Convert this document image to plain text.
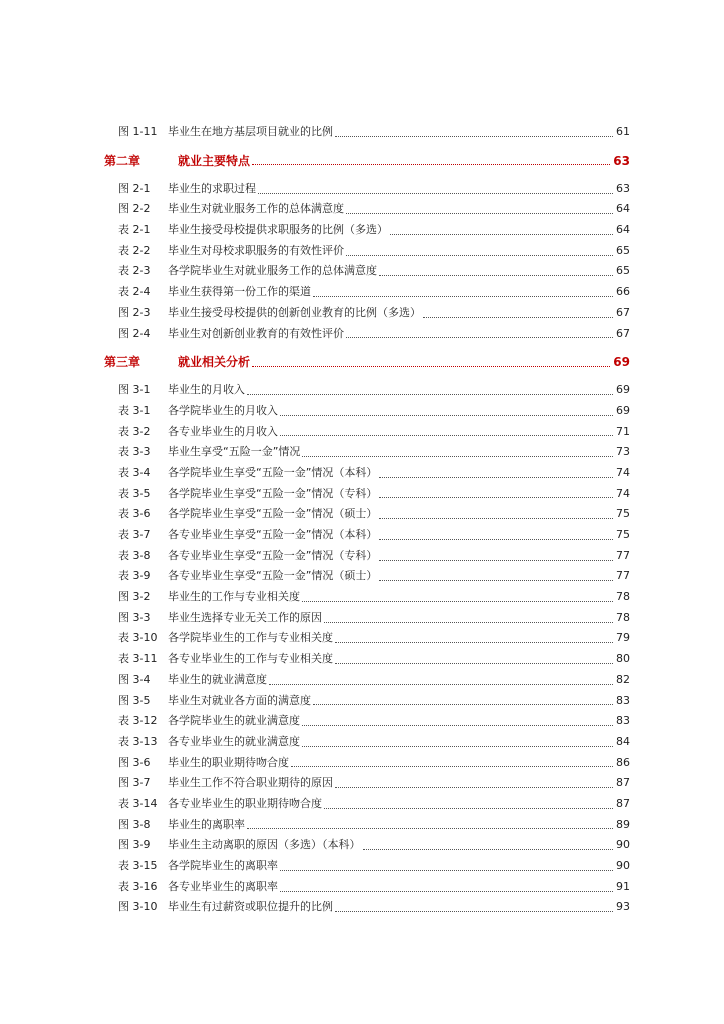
图 1-11 毕业生在地方基层项目就业的比例	61
第二章	就业主要特点	63
图 2-1	毕业生的求职过程	63
图 2-2	毕业生对就业服务工作的总体满意度	64
表 2-1	毕业生接受母校提供求职服务的比例（多选）	64
表 2-2	毕业生对母校求职服务的有效性评价	65
表 2-3	各学院毕业生对就业服务工作的总体满意度	65
表 2-4	毕业生获得第一份工作的渠道	66
图 2-3	毕业生接受母校提供的创新创业教育的比例（多选）	67
图 2-4	毕业生对创新创业教育的有效性评价	67
第三章	就业相关分析	69
图 3-1	毕业生的月收入	69
表 3-1	各学院毕业生的月收入	69
表 3-2	各专业毕业生的月收入	71
表 3-3	毕业生享受“五险一金”情况	73
表 3-4	各学院毕业生享受“五险一金”情况（本科）	74
表 3-5	各学院毕业生享受“五险一金”情况（专科）	74
表 3-6	各学院毕业生享受“五险一金”情况（硕士）	75
表 3-7	各专业毕业生享受“五险一金”情况（本科）	75
表 3-8	各专业毕业生享受“五险一金”情况（专科）	77
表 3-9	各专业毕业生享受“五险一金”情况（硕士）	77
图 3-2	毕业生的工作与专业相关度	78
图 3-3	毕业生选择专业无关工作的原因	78
表 3-10 各学院毕业生的工作与专业相关度	79
表 3-11 各专业毕业生的工作与专业相关度	80
图 3-4	毕业生的就业满意度	82
图 3-5	毕业生对就业各方面的满意度	83
表 3-12 各学院毕业生的就业满意度	83
表 3-13 各专业毕业生的就业满意度	84
图 3-6	毕业生的职业期待吻合度	86
图 3-7	毕业生工作不符合职业期待的原因	87
表 3-14 各专业毕业生的职业期待吻合度	87
图 3-8	毕业生的离职率	89
图 3-9	毕业生主动离职的原因（多选）（本科）	90
表 3-15 各学院毕业生的离职率	90
表 3-16 各专业毕业生的离职率	91
图 3-10 毕业生有过薪资或职位提升的比例	93
